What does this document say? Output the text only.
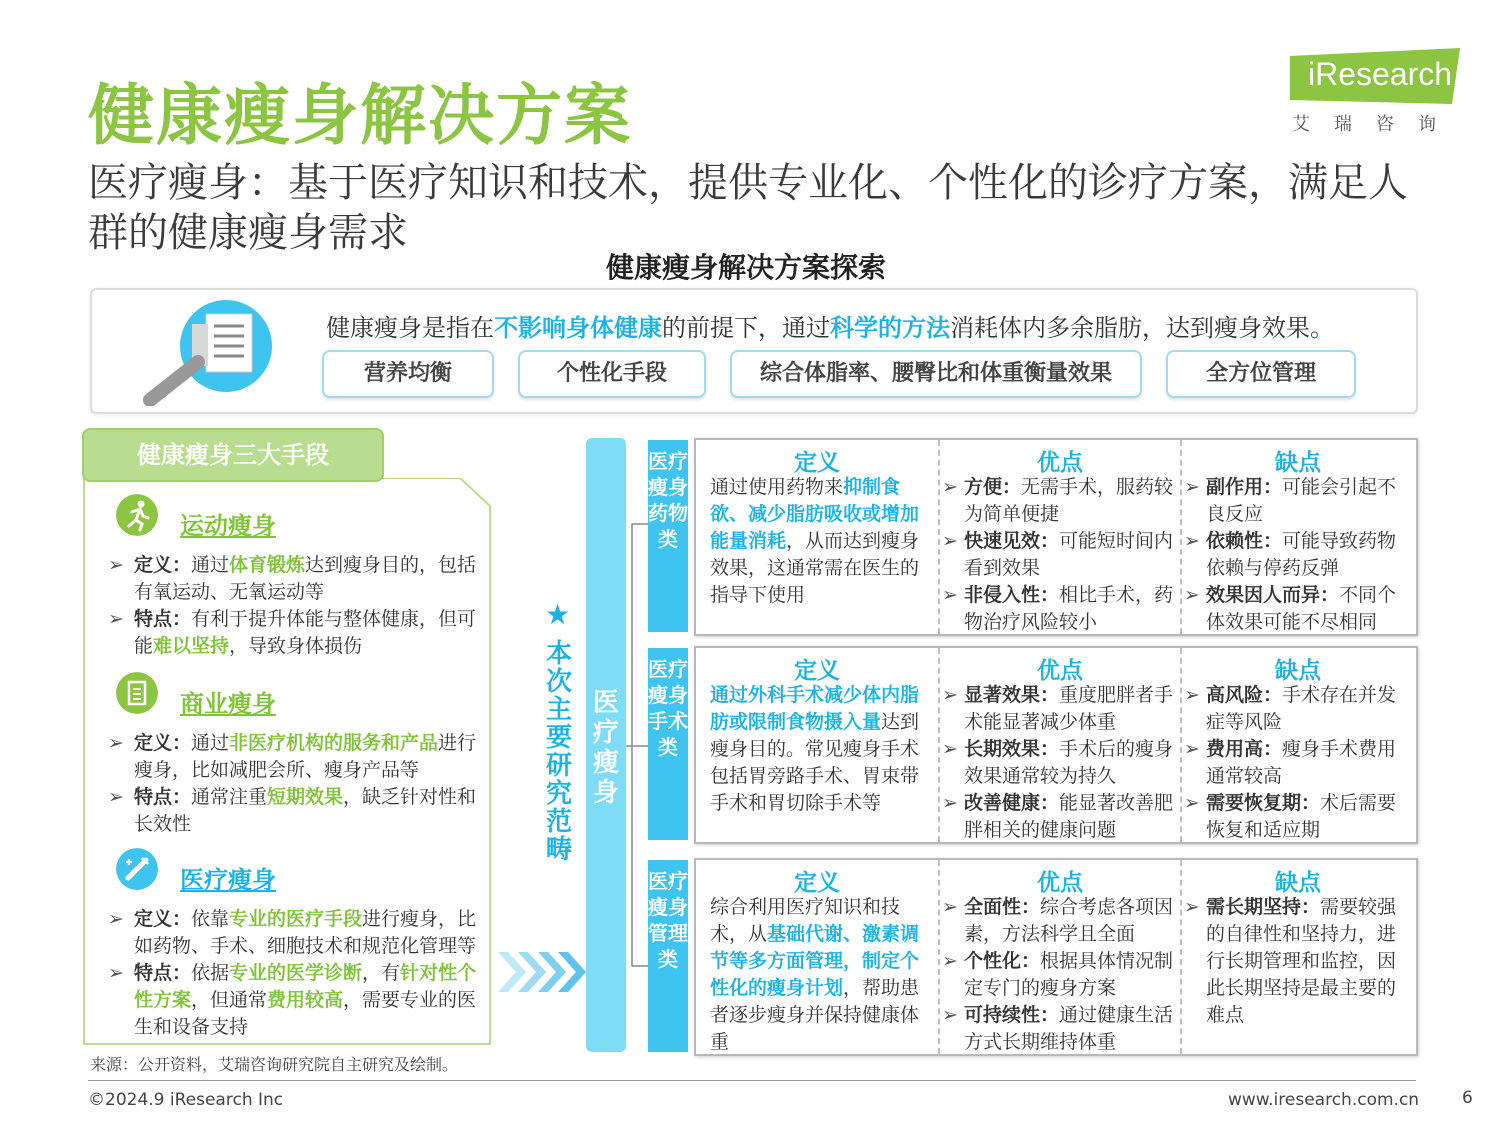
健康瘦身解决方案
医疗瘦身：基于医疗知识和技术，提供专业化、个性化的诊疗方案，满足人群的健康瘦身需求
iResearch
艾瑞咨询
健康瘦身解决方案探索
健康瘦身是指在不影响身体健康的前提下，通过科学的方法消耗体内多余脂肪，达到瘦身效果。
营养均衡	个性化手段	综合体脂率、腰臀比和体重衡量效果	全方位管理
健康瘦身三大手段
运动瘦身
➢ 定义：通过体育锻炼达到瘦身目的，包括有氧运动、无氧运动等
➢ 特点：有利于提升体能与整体健康，但可能难以坚持，导致身体损伤
商业瘦身
➢ 定义：通过非医疗机构的服务和产品进行瘦身，比如减肥会所、瘦身产品等
➢ 特点：通常注重短期效果，缺乏针对性和长效性
医疗瘦身
➢ 定义：依靠专业的医疗手段进行瘦身，比如药物、手术、细胞技术和规范化管理等
➢ 特点：依据专业的医学诊断，有针对性个性方案，但通常费用较高，需要专业的医生和设备支持
★
本次主要研究范畴
医疗瘦身
医疗瘦身药物类
医疗瘦身手术类
医疗瘦身管理类
定义
通过使用药物来抑制食欲、减少脂肪吸收或增加能量消耗，从而达到瘦身效果，这通常需在医生的指导下使用
优点
➢ 方便：无需手术，服药较为简单便捷
➢ 快速见效：可能短时间内看到效果
➢ 非侵入性：相比手术，药物治疗风险较小
缺点
➢ 副作用：可能会引起不良反应
➢ 依赖性：可能导致药物依赖与停药反弹
➢ 效果因人而异：不同个体效果可能不尽相同
定义
通过外科手术减少体内脂肪或限制食物摄入量达到瘦身目的。常见瘦身手术包括胃旁路手术、胃束带手术和胃切除手术等
优点
➢ 显著效果：重度肥胖者手术能显著减少体重
➢ 长期效果：手术后的瘦身效果通常较为持久
➢ 改善健康：能显著改善肥胖相关的健康问题
缺点
➢ 高风险：手术存在并发症等风险
➢ 费用高：瘦身手术费用通常较高
➢ 需要恢复期：术后需要恢复和适应期
定义
综合利用医疗知识和技术，从基础代谢、激素调节等多方面管理，制定个性化的瘦身计划，帮助患者逐步瘦身并保持健康体重
优点
➢ 全面性：综合考虑各项因素，方法科学且全面
➢ 个性化：根据具体情况制定专门的瘦身方案
➢ 可持续性：通过健康生活方式长期维持体重
缺点
➢ 需长期坚持：需要较强的自律性和坚持力，进行长期管理和监控，因此长期坚持是最主要的难点
来源：公开资料，艾瑞咨询研究院自主研究及绘制。
©2024.9 iResearch Inc	www.iresearch.com.cn	6
